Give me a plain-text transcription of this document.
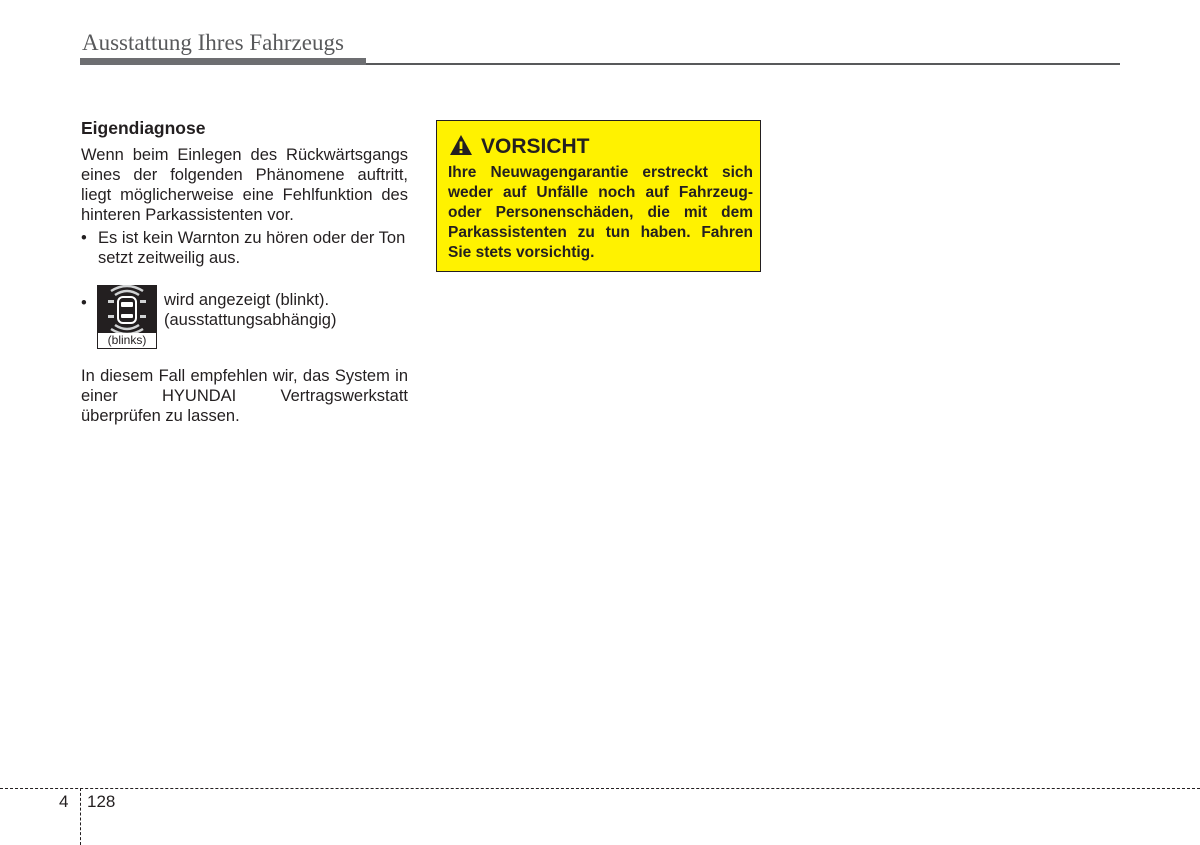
Ausstattung Ihres Fahrzeugs
Eigendiagnose

Wenn beim Einlegen des Rückwärtsgangs eines der folgenden Phänomene auftritt, liegt möglicherweise eine Fehlfunktion des hinteren Parkassistenten vor.

• Es ist kein Warnton zu hören oder der Ton setzt zeitweilig aus.
•
(blinks)
wird angezeigt (blinkt).
(ausstattungsabhängig)

In diesem Fall empfehlen wir, das System in einer HYUNDAI Vertragswerkstatt überprüfen zu lassen.

VORSICHT

Ihre Neuwagengarantie erstreckt sich weder auf Unfälle noch auf Fahrzeug- oder Personenschäden, die mit dem Parkassistenten zu tun haben. Fahren Sie stets vorsichtig.

4 128
